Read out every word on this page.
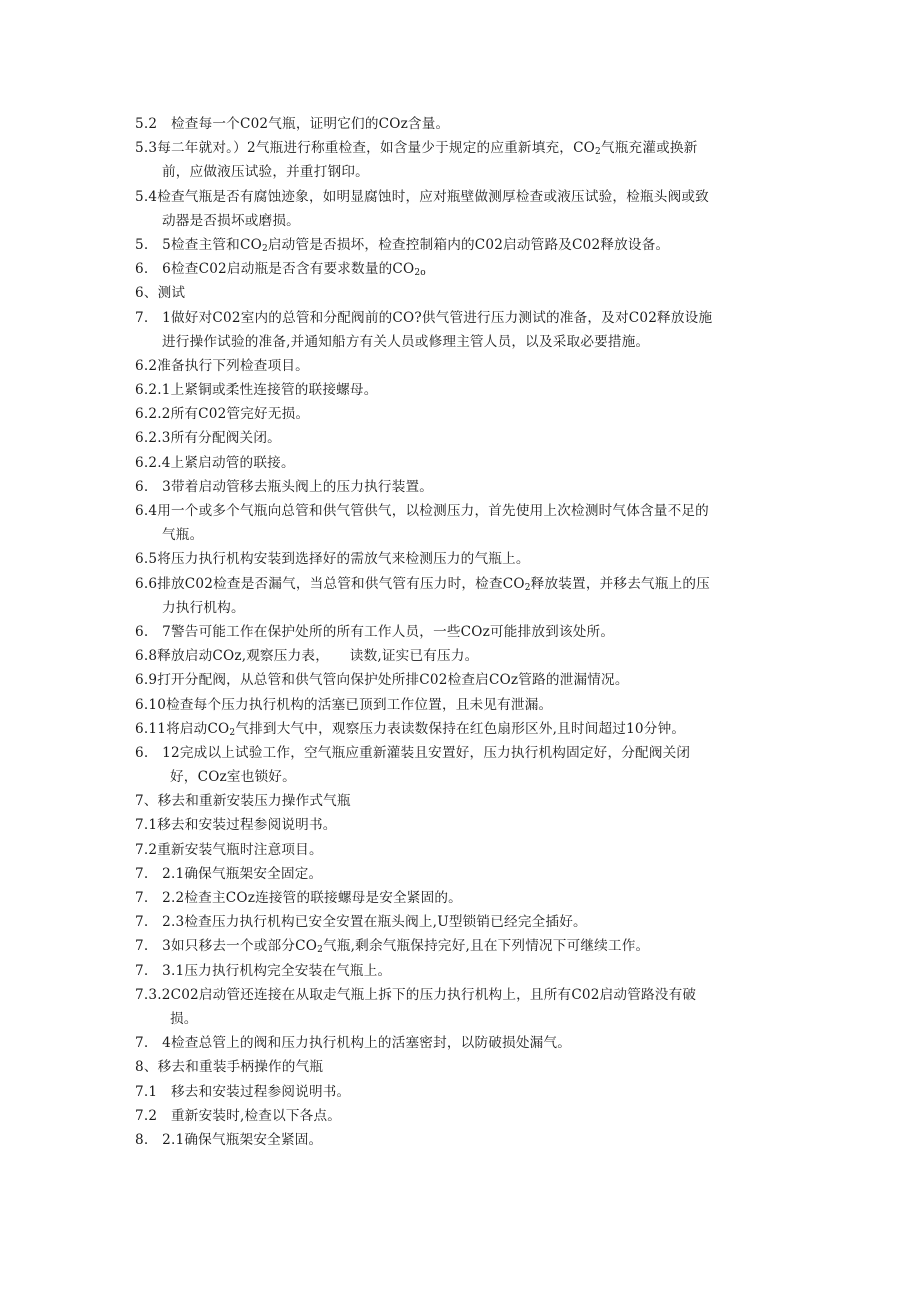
5.2　检查每一个C02气瓶，证明它们的COz含量。
5.3每二年就对。）2气瓶进行称重检查，如含量少于规定的应重新填充，$CO_2$气瓶充灌或换新
前，应做液压试验，并重打钢印。
5.4检查气瓶是否有腐蚀迹象，如明显腐蚀时，应对瓶壁做测厚检查或液压试验，检瓶头阀或致
动器是否损坏或磨损。
5.　5检查主管和$CO_2$启动管是否损坏，检查控制箱内的C02启动管路及C02释放设备。
6.　6检查C02启动瓶是否含有要求数量的$CO_{2o}$
6、测试
7.　1做好对C02室内的总管和分配阀前的CO?供气管进行压力测试的准备，及对C02释放设施
进行操作试验的准备,并通知船方有关人员或修理主管人员，以及采取必要措施。
6.2准备执行下列检查项目。
6.2.1上紧铜或柔性连接管的联接螺母。
6.2.2所有C02管完好无损。
6.2.3所有分配阀关闭。
6.2.4上紧启动管的联接。
6.　3带着启动管移去瓶头阀上的压力执行装置。
6.4用一个或多个气瓶向总管和供气管供气，以检测压力，首先使用上次检测时气体含量不足的
气瓶。
6.5将压力执行机构安装到选择好的需放气来检测压力的气瓶上。
6.6排放C02检查是否漏气，当总管和供气管有压力时，检查$CO_2$释放装置，并移去气瓶上的压
力执行机构。
6.　7警告可能工作在保护处所的所有工作人员，一些COz可能排放到该处所。
6.8释放启动COz,观察压力表，　　读数,证实已有压力。
6.9打开分配阀，从总管和供气管向保护处所排C02检查启COz管路的泄漏情况。
6.10检查每个压力执行机构的活塞已顶到工作位置，且未见有泄漏。
6.11将启动$CO_2$气排到大气中，观察压力表读数保持在红色扇形区外,且时间超过10分钟。
6.　12完成以上试验工作，空气瓶应重新灌装且安置好，压力执行机构固定好，分配阀关闭
好，COz室也锁好。
7、移去和重新安装压力操作式气瓶
7.1移去和安装过程参阅说明书。
7.2重新安装气瓶时注意项目。
7.　2.1确保气瓶架安全固定。
7.　2.2检查主COz连接管的联接螺母是安全紧固的。
7.　2.3检查压力执行机构已安全安置在瓶头阀上,U型锁销已经完全插好。
7.　3如只移去一个或部分$CO_2$气瓶,剩余气瓶保持完好,且在下列情况下可继续工作。
7.　3.1压力执行机构完全安装在气瓶上。
7.3.2C02启动管还连接在从取走气瓶上拆下的压力执行机构上，且所有C02启动管路没有破
损。
7.　4检查总管上的阀和压力执行机构上的活塞密封，以防破损处漏气。
8、移去和重装手柄操作的气瓶
7.1　移去和安装过程参阅说明书。
7.2　重新安装时,检查以下各点。
8.　2.1确保气瓶架安全紧固。
